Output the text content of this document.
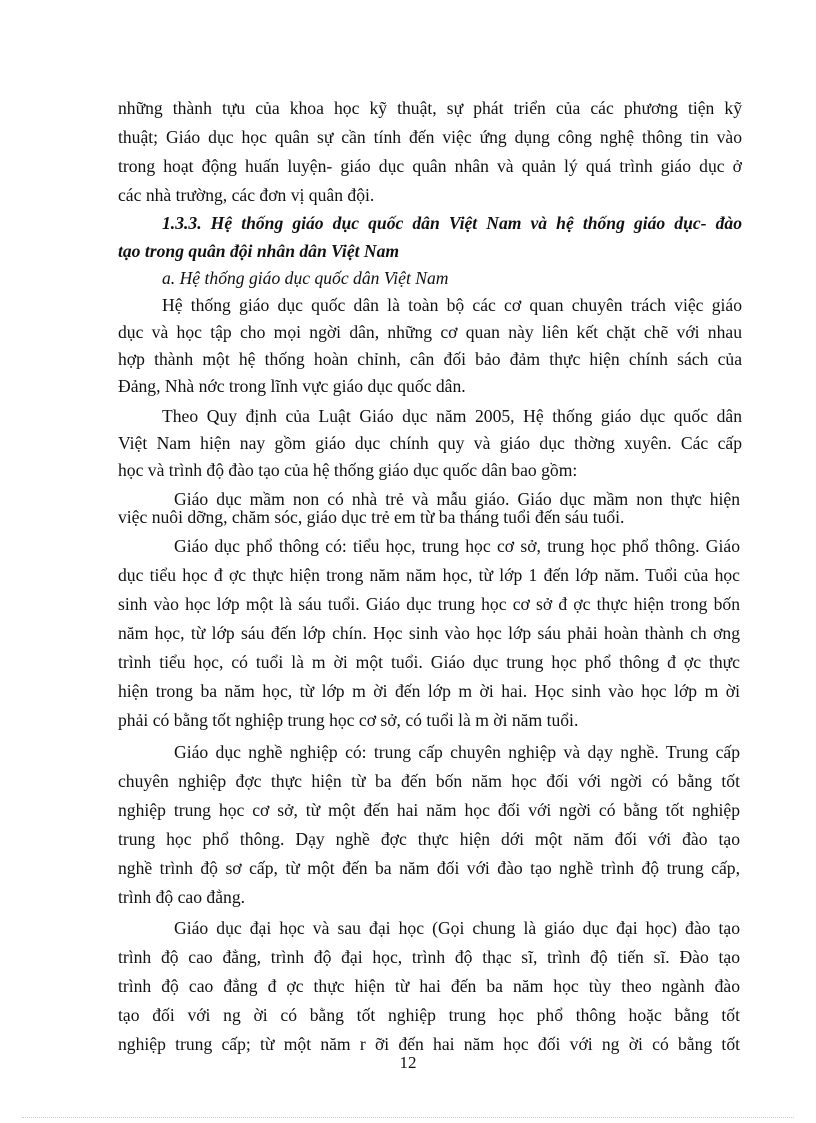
những thành tựu của khoa học kỹ thuật, sự phát triển của các phương tiện kỹ
thuật; Giáo dục học quân sự cần tính đến việc ứng dụng công nghệ thông tin vào
trong hoạt động huấn luyện- giáo dục quân nhân và quản lý quá trình giáo dục ở
các nhà trường, các đơn vị quân đội.
1.3.3. Hệ thống giáo dục quốc dân Việt Nam và hệ thống giáo dục- đào
tạo trong quân đội nhân dân Việt Nam
a. Hệ thống giáo dục quốc dân Việt Nam
Hệ thống giáo dục quốc dân là toàn bộ các cơ quan chuyên trách việc giáo
dục và học tập cho mọi ngời dân, những cơ quan này liên kết chặt chẽ với nhau
hợp thành một hệ thống hoàn chỉnh, cân đối bảo đảm thực hiện chính sách của
Đảng, Nhà nớc trong lĩnh vực giáo dục quốc dân.
Theo Quy định của Luật Giáo dục năm 2005, Hệ thống giáo dục quốc dân
Việt Nam hiện nay gồm giáo dục chính quy và giáo dục thờng xuyên. Các cấp
học và trình độ đào tạo của hệ thống giáo dục quốc dân bao gồm:
Giáo dục mầm non có nhà trẻ và mẫu giáo. Giáo dục mầm non thực hiện
việc nuôi dỡng, chăm sóc, giáo dục trẻ em từ ba tháng tuổi đến sáu tuổi.
Giáo dục phổ thông có: tiểu học, trung học cơ sở, trung học phổ thông. Giáo
dục tiểu học đ ợc thực hiện trong năm năm học, từ lớp 1 đến lớp năm. Tuổi của học
sinh vào học lớp một là sáu tuổi. Giáo dục trung học cơ sở đ ợc thực hiện trong bốn
năm học, từ lớp sáu đến lớp chín. Học sinh vào học lớp sáu phải hoàn thành ch ơng
trình tiểu học, có tuổi là m ời một tuổi. Giáo dục trung học phổ thông đ ợc thực
hiện trong ba năm học, từ lớp m ời đến lớp m ời hai. Học sinh vào học lớp m ời
phải có bằng tốt nghiệp trung học cơ sở, có tuổi là m ời năm tuổi.
Giáo dục nghề nghiệp có: trung cấp chuyên nghiệp và dạy nghề. Trung cấp
chuyên nghiệp đợc thực hiện từ ba đến bốn năm học đối với ngời có bằng tốt
nghiệp trung học cơ sở, từ một đến hai năm học đối với ngời có bằng tốt nghiệp
trung học phổ thông. Dạy nghề đợc thực hiện dới một năm đối với đào tạo
nghề trình độ sơ cấp, từ một đến ba năm đối với đào tạo nghề trình độ trung cấp,
trình độ cao đẳng.
Giáo dục đại học và sau đại học (Gọi chung là giáo dục đại học) đào tạo
trình độ cao đẳng, trình độ đại học, trình độ thạc sĩ, trình độ tiến sĩ. Đào tạo
trình độ cao đẳng đ ợc thực hiện từ hai đến ba năm học tùy theo ngành đào
tạo đối với ng ời có bằng tốt nghiệp trung học phổ thông hoặc bằng tốt
nghiệp trung cấp; từ một năm r ỡi đến hai năm học đối với ng ời có bằng tốt
12
